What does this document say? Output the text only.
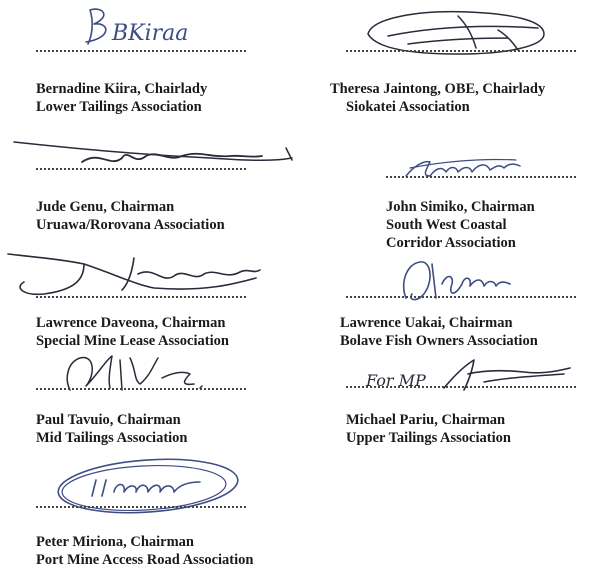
BKiraa
Bernadine Kiira, Chairlady
Lower Tailings Association
Jude Genu, Chairman
Uruawa/Rorovana Association
Lawrence Daveona, Chairman
Special Mine Lease Association
Paul Tavuio, Chairman
Mid Tailings Association
Peter Miriona, Chairman
Port Mine Access Road Association
Theresa Jaintong, OBE, Chairlady
Siokatei Association
John Simiko, Chairman
South West Coastal
Corridor Association
Lawrence Uakai, Chairman
Bolave Fish Owners Association
For MP
Michael Pariu, Chairman
Upper Tailings Association
